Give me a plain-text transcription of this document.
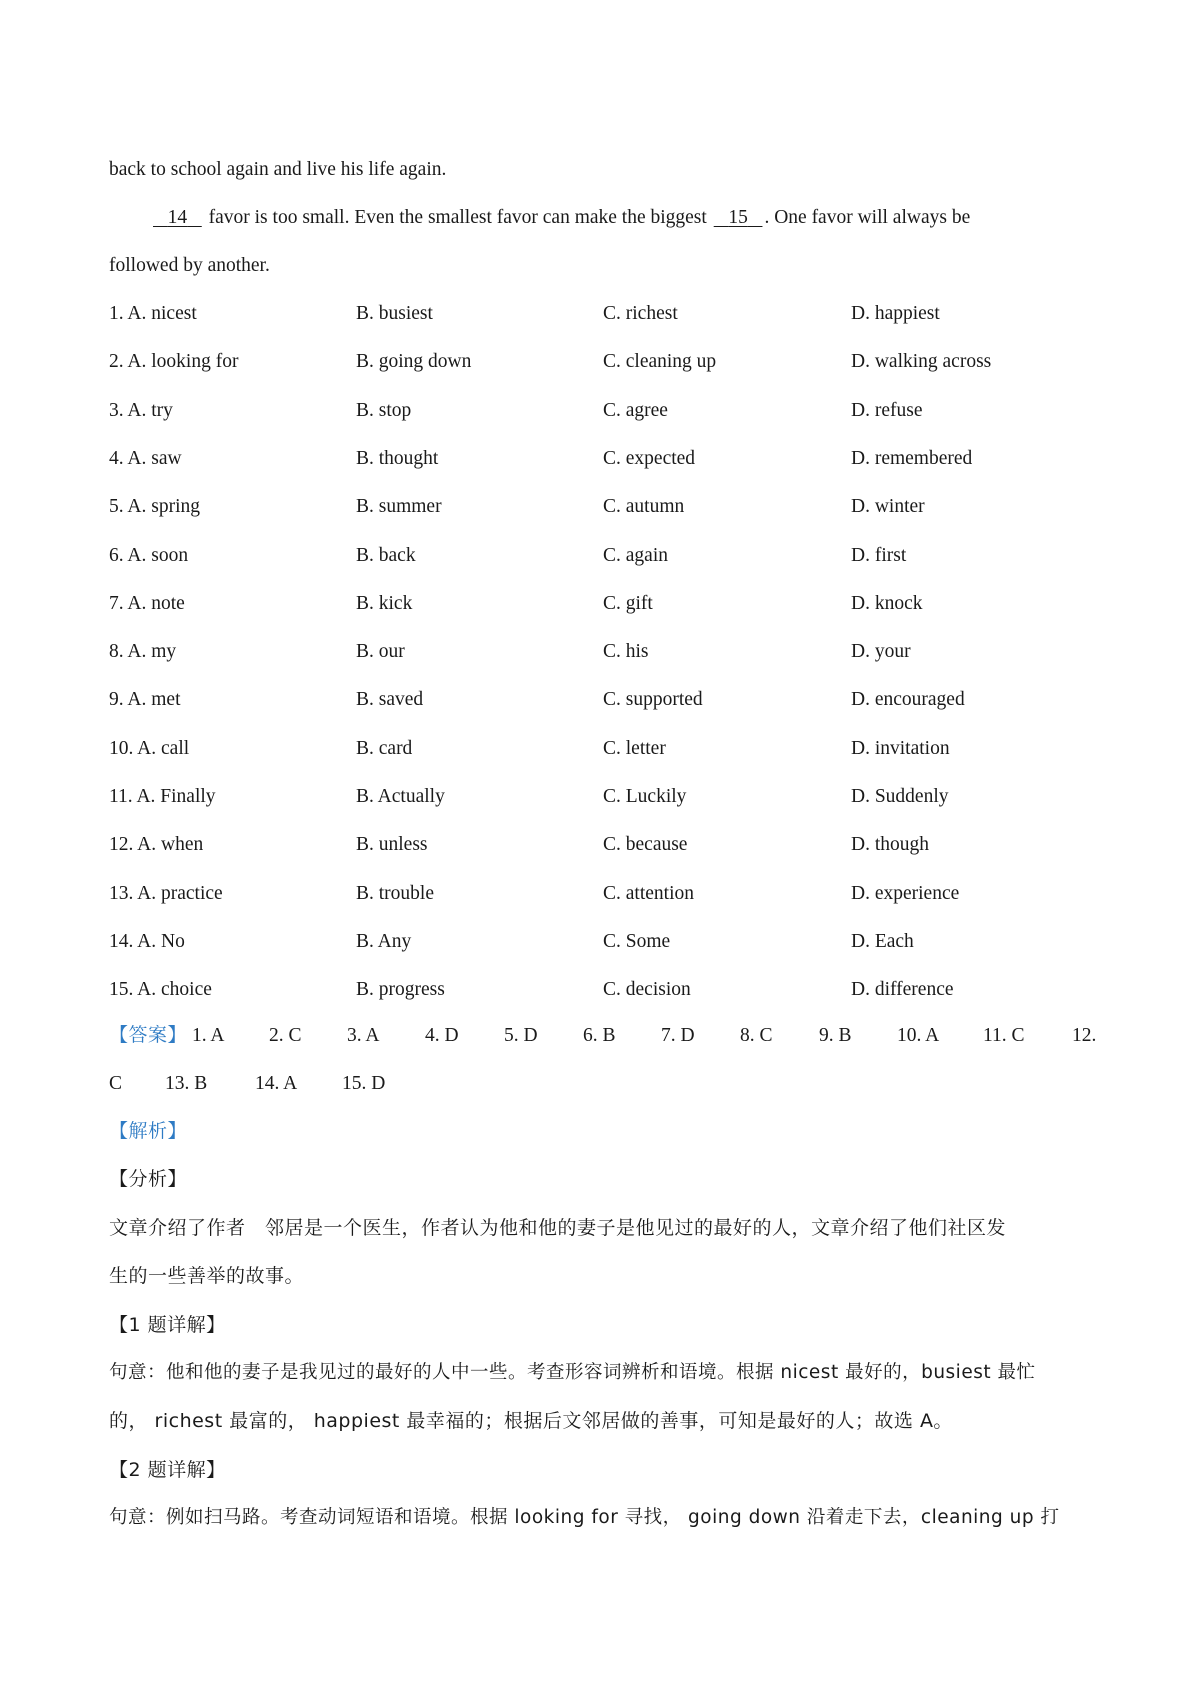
back to school again and live his life again.
14 favor is too small. Even the smallest favor can make the biggest 15 . One favor will always be
followed by another.
1. A. nicest	B. busiest	C. richest	D. happiest
2. A. looking for	B. going down	C. cleaning up	D. walking across
3. A. try	B. stop	C. agree	D. refuse
4. A. saw	B. thought	C. expected	D. remembered
5. A. spring	B. summer	C. autumn	D. winter
6. A. soon	B. back	C. again	D. first
7. A. note	B. kick	C. gift	D. knock
8. A. my	B. our	C. his	D. your
9. A. met	B. saved	C. supported	D. encouraged
10. A. call	B. card	C. letter	D. invitation
11. A. Finally	B. Actually	C. Luckily	D. Suddenly
12. A. when	B. unless	C. because	D. though
13. A. practice	B. trouble	C. attention	D. experience
14. A. No	B. Any	C. Some	D. Each
15. A. choice	B. progress	C. decision	D. difference
【答案】 1. A 2. C 3. A 4. D 5. D 6. B 7. D 8. C 9. B 10. A 11. C 12.
C 13. B 14. A 15. D
【解析】
【分析】
文章介绍了作者　邻居是一个医生，作者认为他和他的妻子是他见过的最好的人，文章介绍了他们社区发
生的一些善举的故事。
【1 题详解】
句意：他和他的妻子是我见过的最好的人中一些。考查形容词辨析和语境。根据 nicest 最好的，busiest 最忙
的， richest 最富的， happiest 最幸福的；根据后文邻居做的善事，可知是最好的人；故选 A。
【2 题详解】
句意：例如扫马路。考查动词短语和语境。根据 looking for 寻找， going down 沿着走下去，cleaning up 打
